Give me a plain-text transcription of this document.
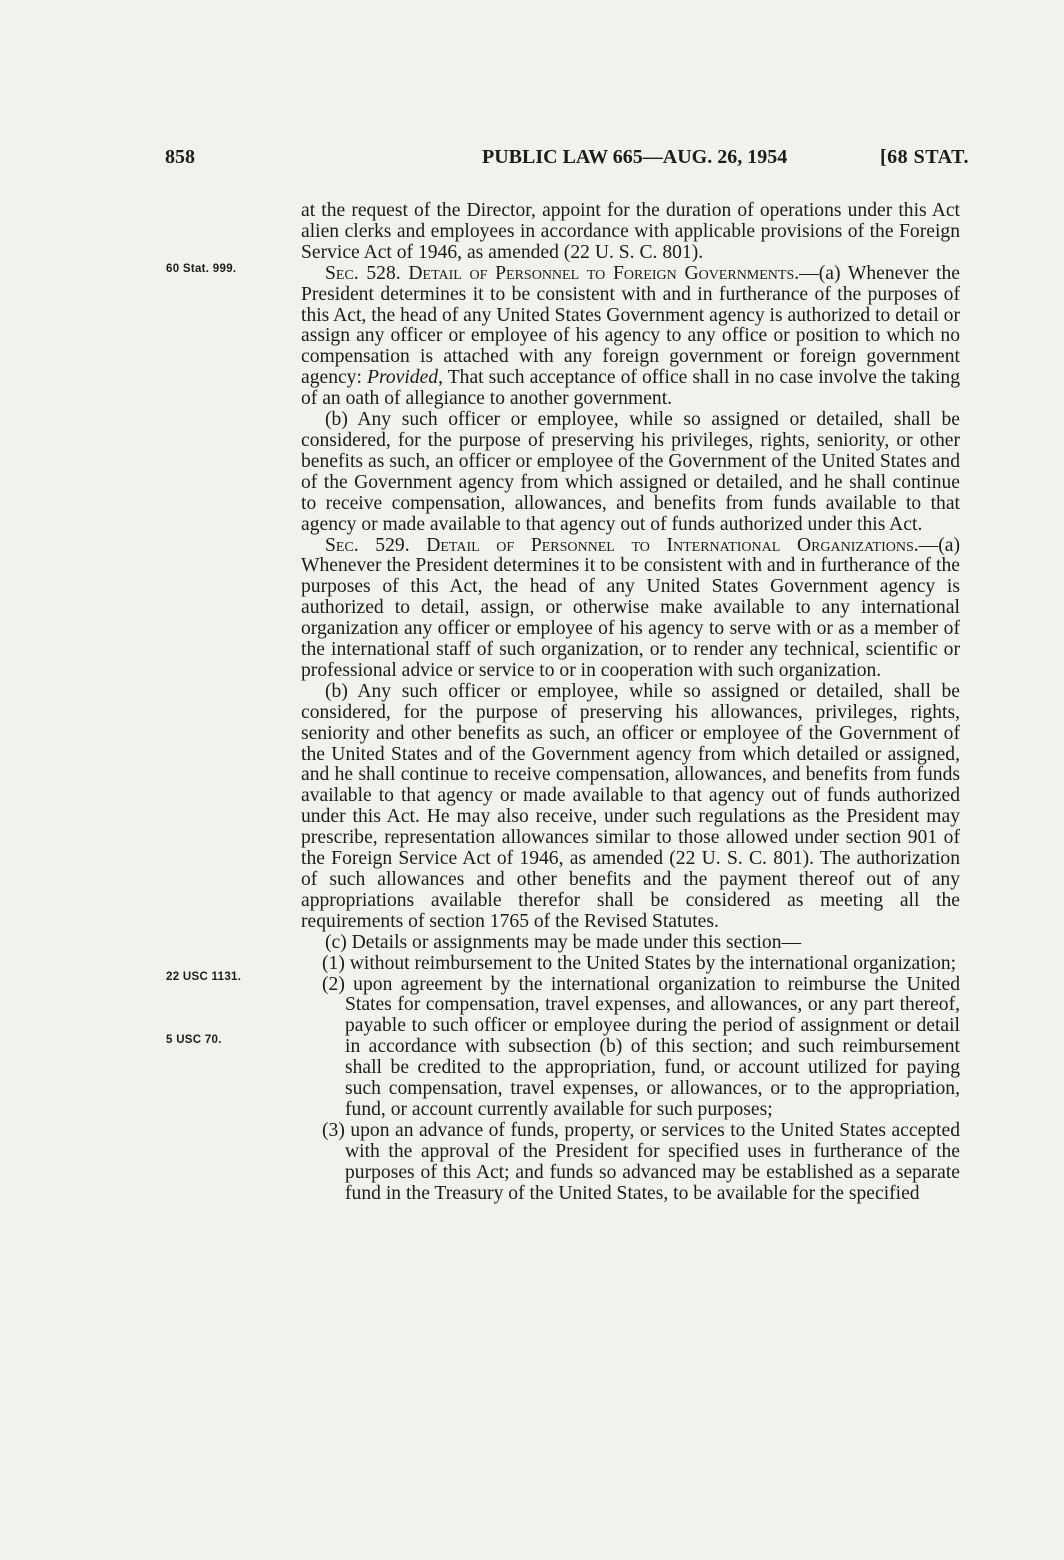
858	PUBLIC LAW 665—AUG. 26, 1954	[68 STAT.
60 Stat. 999.
22 USC 1131.
5 USC 70.

at the request of the Director, appoint for the duration of operations under this Act alien clerks and employees in accordance with applicable provisions of the Foreign Service Act of 1946, as amended (22 U. S. C. 801).

Sec. 528. Detail of Personnel to Foreign Governments.—(a) Whenever the President determines it to be consistent with and in furtherance of the purposes of this Act, the head of any United States Government agency is authorized to detail or assign any officer or employee of his agency to any office or position to which no compensation is attached with any foreign government or foreign government agency: Provided, That such acceptance of office shall in no case involve the taking of an oath of allegiance to another government.

(b) Any such officer or employee, while so assigned or detailed, shall be considered, for the purpose of preserving his privileges, rights, seniority, or other benefits as such, an officer or employee of the Government of the United States and of the Government agency from which assigned or detailed, and he shall continue to receive compensation, allowances, and benefits from funds available to that agency or made available to that agency out of funds authorized under this Act.

Sec. 529. Detail of Personnel to International Organizations.—(a) Whenever the President determines it to be consistent with and in furtherance of the purposes of this Act, the head of any United States Government agency is authorized to detail, assign, or otherwise make available to any international organization any officer or employee of his agency to serve with or as a member of the international staff of such organization, or to render any technical, scientific or professional advice or service to or in cooperation with such organization.

(b) Any such officer or employee, while so assigned or detailed, shall be considered, for the purpose of preserving his allowances, privileges, rights, seniority and other benefits as such, an officer or employee of the Government of the United States and of the Government agency from which detailed or assigned, and he shall continue to receive compensation, allowances, and benefits from funds available to that agency or made available to that agency out of funds authorized under this Act. He may also receive, under such regulations as the President may prescribe, representation allowances similar to those allowed under section 901 of the Foreign Service Act of 1946, as amended (22 U. S. C. 801). The authorization of such allowances and other benefits and the payment thereof out of any appropriations available therefor shall be considered as meeting all the requirements of section 1765 of the Revised Statutes.

(c) Details or assignments may be made under this section—

(1) without reimbursement to the United States by the international organization;

(2) upon agreement by the international organization to reimburse the United States for compensation, travel expenses, and allowances, or any part thereof, payable to such officer or employee during the period of assignment or detail in accordance with subsection (b) of this section; and such reimbursement shall be credited to the appropriation, fund, or account utilized for paying such compensation, travel expenses, or allowances, or to the appropriation, fund, or account currently available for such purposes;

(3) upon an advance of funds, property, or services to the United States accepted with the approval of the President for specified uses in furtherance of the purposes of this Act; and funds so advanced may be established as a separate fund in the Treasury of the United States, to be available for the specified
